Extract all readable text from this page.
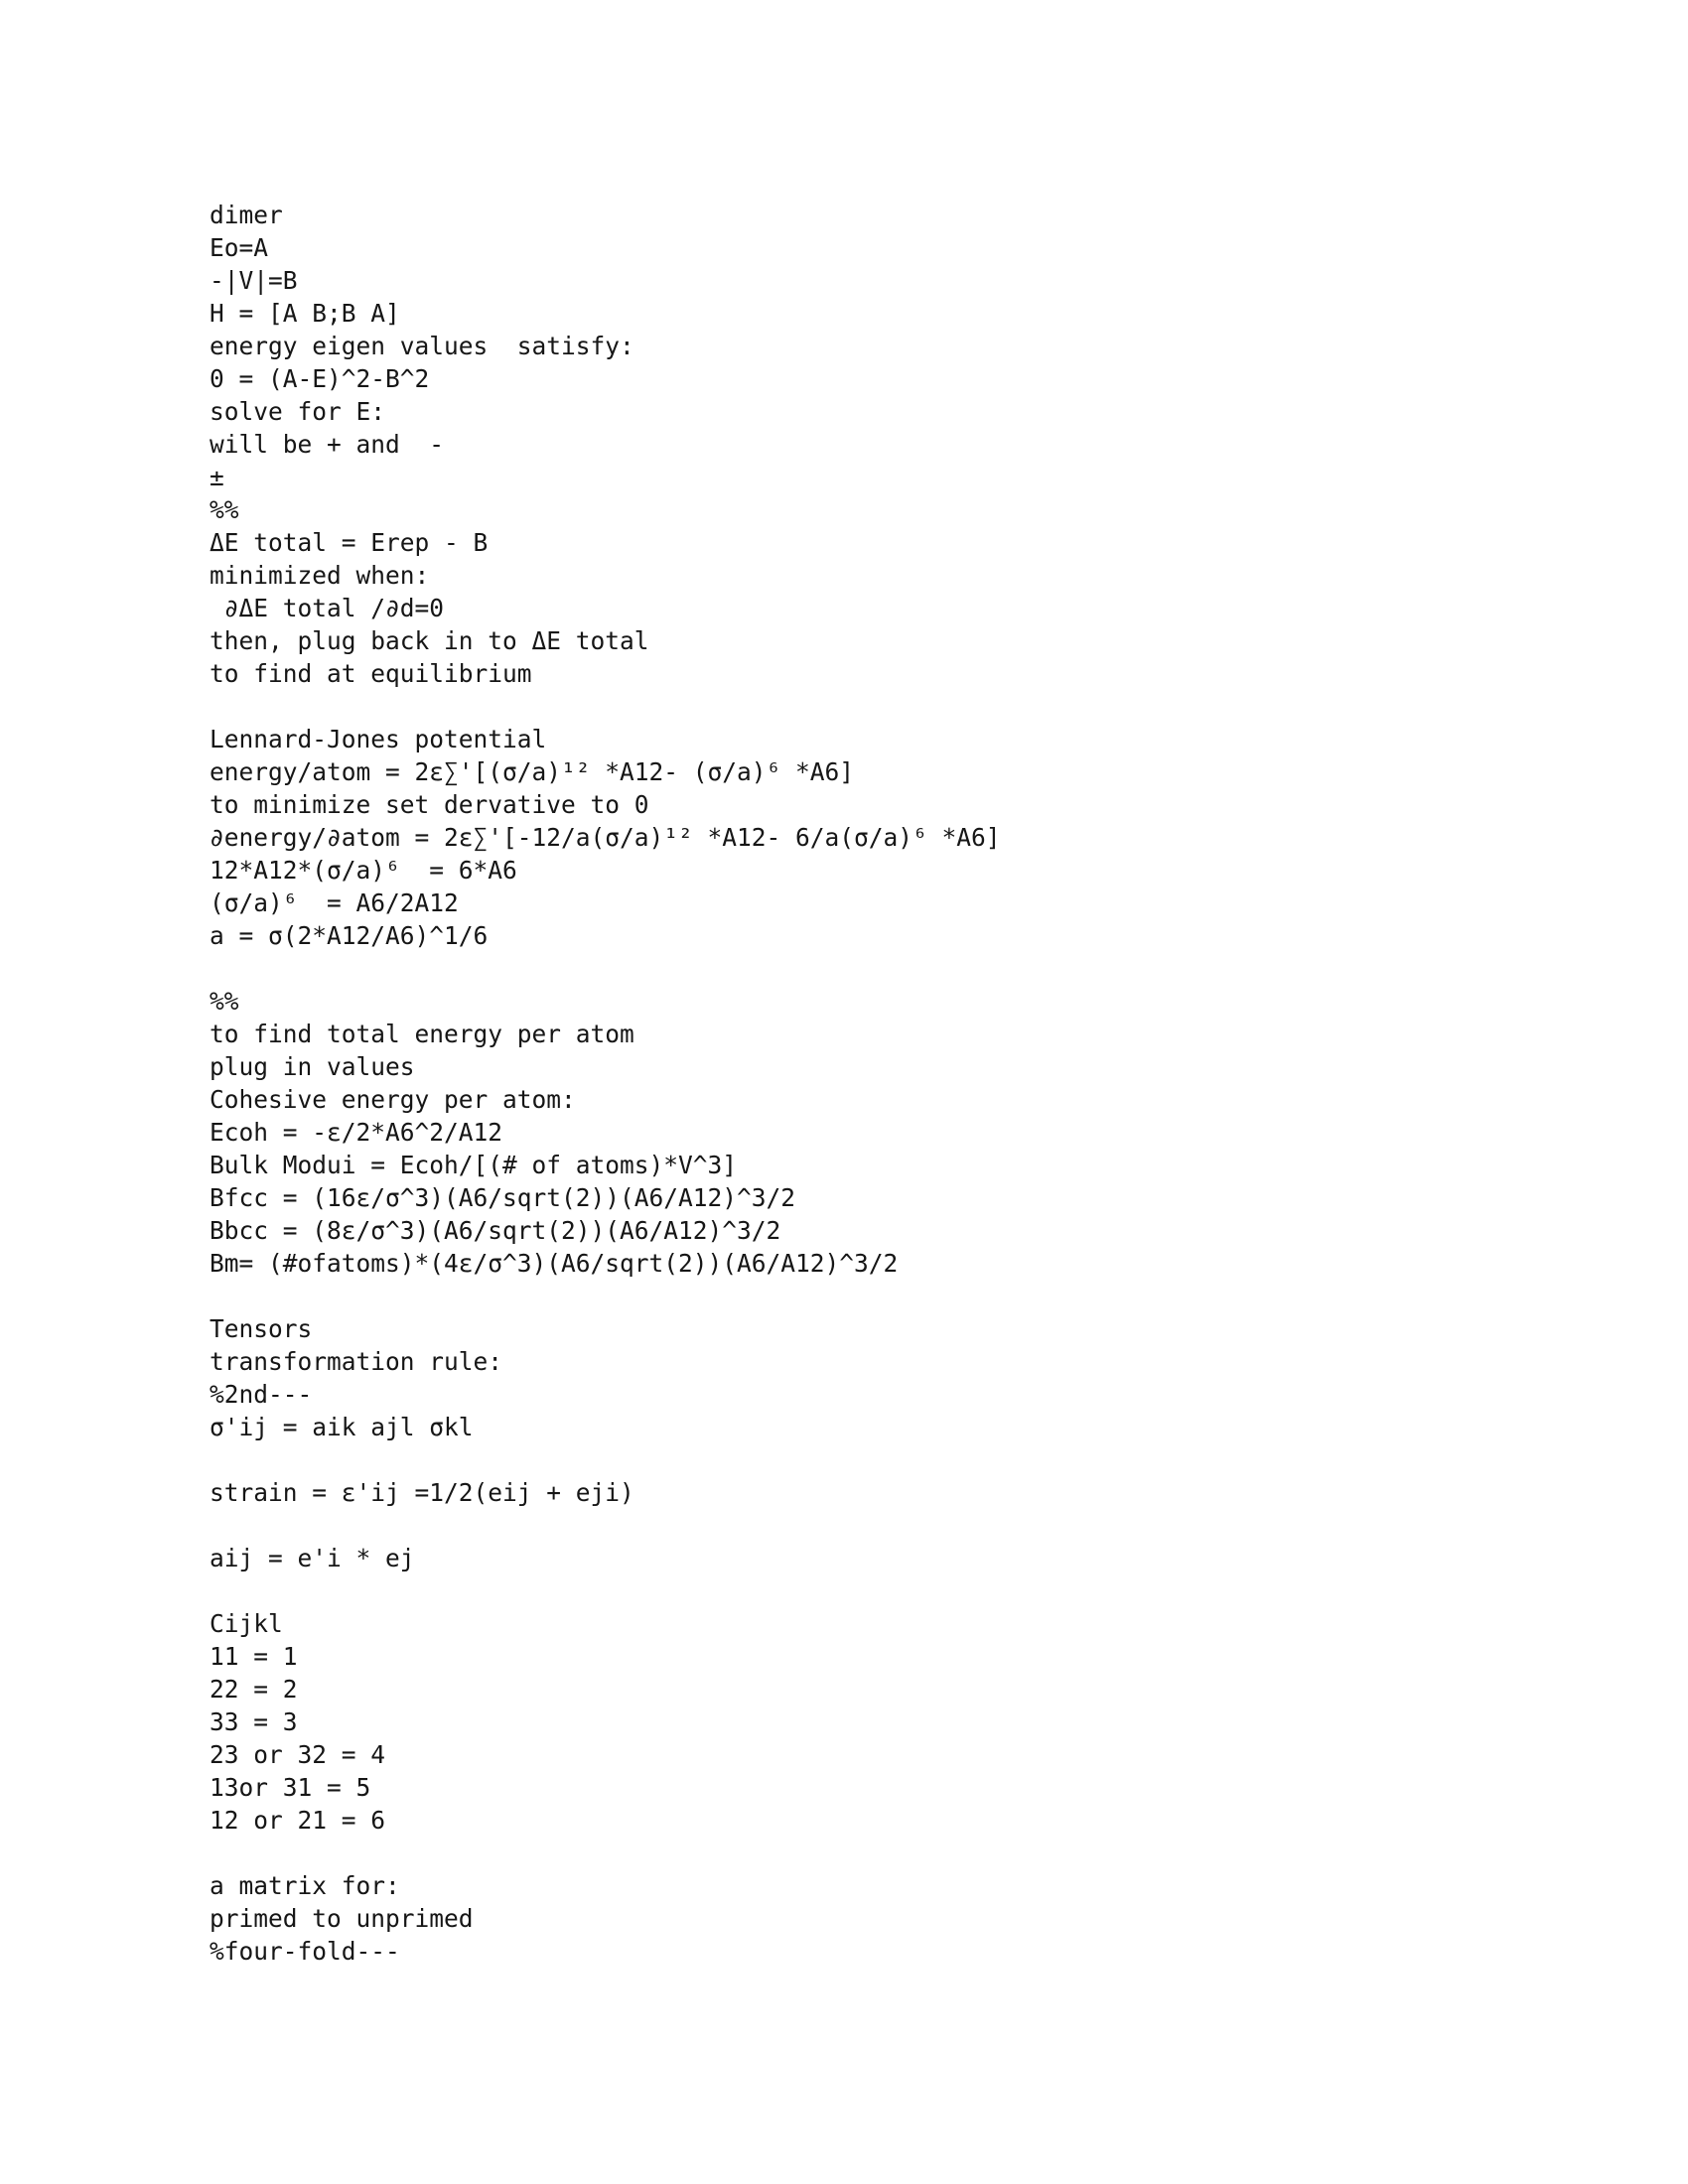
dimer
Eo=A
-|V|=B
H = [A B;B A]
energy eigen values  satisfy:
0 = (A-E)^2-B^2
solve for E:
will be + and  -
±
%%
ΔE total = Erep - B
minimized when:
∂ΔE total /∂d=0
then, plug back in to ΔE total
to find at equilibrium
Lennard-Jones potential
energy/atom = 2ε∑'[(σ/a)¹² *A12- (σ/a)⁶ *A6]
to minimize set dervative to 0
∂energy/∂atom = 2ε∑'[-12/a(σ/a)¹² *A12- 6/a(σ/a)⁶ *A6]
12*A12*(σ/a)⁶  = 6*A6
(σ/a)⁶  = A6/2A12
a = σ(2*A12/A6)^1/6
%%
to find total energy per atom
plug in values
Cohesive energy per atom:
Ecoh = -ε/2*A6^2/A12
Bulk Modui = Ecoh/[(# of atoms)*V^3]
Bfcc = (16ε/σ^3)(A6/sqrt(2))(A6/A12)^3/2
Bbcc = (8ε/σ^3)(A6/sqrt(2))(A6/A12)^3/2
Bm= (#ofatoms)*(4ε/σ^3)(A6/sqrt(2))(A6/A12)^3/2
Tensors
transformation rule:
%2nd---
σ'ij = aik ajl σkl
strain = ε'ij =1/2(eij + eji)
aij = e'i * ej
Cijkl
11 = 1
22 = 2
33 = 3
23 or 32 = 4
13or 31 = 5
12 or 21 = 6
a matrix for:
primed to unprimed
%four-fold---
